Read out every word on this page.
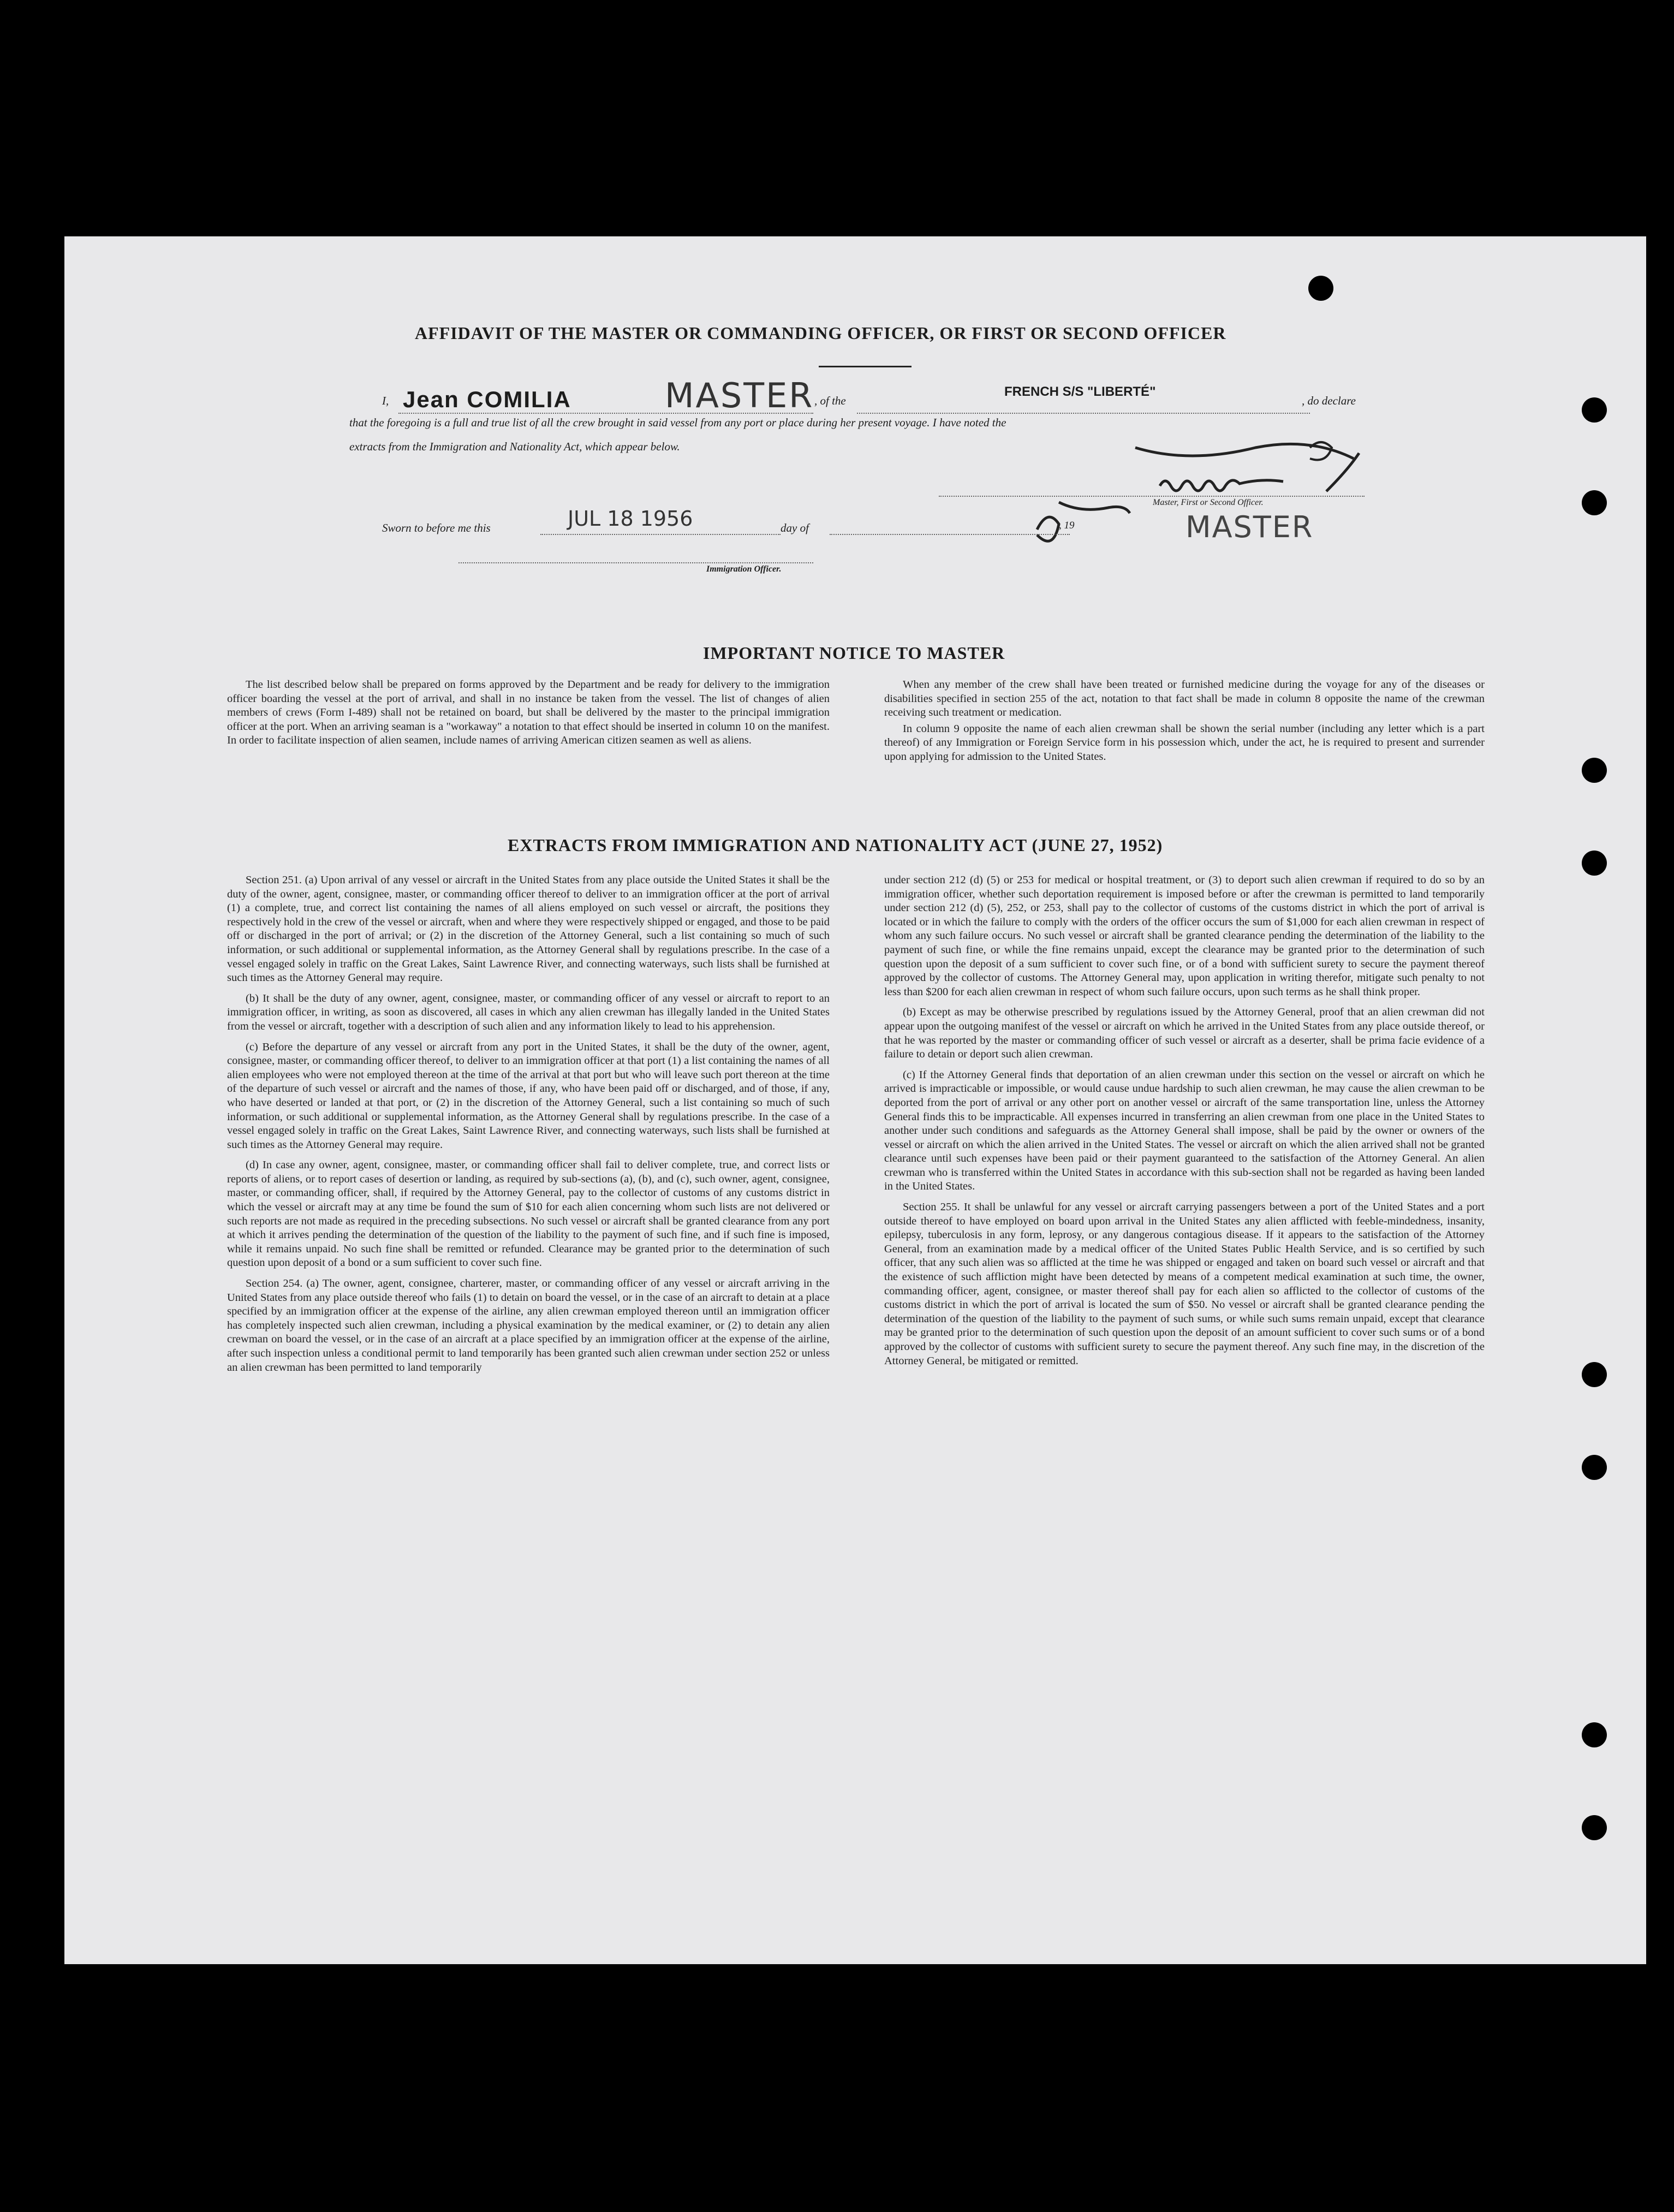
AFFIDAVIT OF THE MASTER OR COMMANDING OFFICER, OR FIRST OR SECOND OFFICER
I, Jean COMILIA	MASTER , of the
FRENCH S/S "LIBERTÉ"
, do declare
that the foregoing is a full and true list of all the crew brought in said vessel from any port or place during her present voyage. I have noted the
extracts from the Immigration and Nationality Act, which appear below.
Master, First or Second Officer.
Sworn to before me this	JUL 18 1956	day of	, 19	MASTER
Immigration Officer.
IMPORTANT NOTICE TO MASTER

The list described below shall be prepared on forms approved by the Department and be ready for delivery to the immigration officer boarding the vessel at the port of arrival, and shall in no instance be taken from the vessel. The list of changes of alien members of crews (Form I-489) shall not be retained on board, but shall be delivered by the master to the principal immigration officer at the port. When an arriving seaman is a "workaway" a notation to that effect should be inserted in column 10 on the manifest. In order to facilitate inspection of alien seamen, include names of arriving American citizen seamen as well as aliens.

When any member of the crew shall have been treated or furnished medicine during the voyage for any of the diseases or disabilities specified in section 255 of the act, notation to that fact shall be made in column 8 opposite the name of the crewman receiving such treatment or medication.

In column 9 opposite the name of each alien crewman shall be shown the serial number (including any letter which is a part thereof) of any Immigration or Foreign Service form in his possession which, under the act, he is required to present and surrender upon applying for admission to the United States.

EXTRACTS FROM IMMIGRATION AND NATIONALITY ACT (JUNE 27, 1952)

Section 251. (a) Upon arrival of any vessel or aircraft in the United States from any place outside the United States it shall be the duty of the owner, agent, consignee, master, or commanding officer thereof to deliver to an immigration officer at the port of arrival (1) a complete, true, and correct list containing the names of all aliens employed on such vessel or aircraft, the positions they respectively hold in the crew of the vessel or aircraft, when and where they were respectively shipped or engaged, and those to be paid off or discharged in the port of arrival; or (2) in the discretion of the Attorney General, such a list containing so much of such information, or such additional or supplemental information, as the Attorney General shall by regulations prescribe. In the case of a vessel engaged solely in traffic on the Great Lakes, Saint Lawrence River, and connecting waterways, such lists shall be furnished at such times as the Attorney General may require.

(b) It shall be the duty of any owner, agent, consignee, master, or commanding officer of any vessel or aircraft to report to an immigration officer, in writing, as soon as discovered, all cases in which any alien crewman has illegally landed in the United States from the vessel or aircraft, together with a description of such alien and any information likely to lead to his apprehension.

(c) Before the departure of any vessel or aircraft from any port in the United States, it shall be the duty of the owner, agent, consignee, master, or commanding officer thereof, to deliver to an immigration officer at that port (1) a list containing the names of all alien employees who were not employed thereon at the time of the arrival at that port but who will leave such port thereon at the time of the departure of such vessel or aircraft and the names of those, if any, who have been paid off or discharged, and of those, if any, who have deserted or landed at that port, or (2) in the discretion of the Attorney General, such a list containing so much of such information, or such additional or supplemental information, as the Attorney General shall by regulations prescribe. In the case of a vessel engaged solely in traffic on the Great Lakes, Saint Lawrence River, and connecting waterways, such lists shall be furnished at such times as the Attorney General may require.

(d) In case any owner, agent, consignee, master, or commanding officer shall fail to deliver complete, true, and correct lists or reports of aliens, or to report cases of desertion or landing, as required by sub-sections (a), (b), and (c), such owner, agent, consignee, master, or commanding officer, shall, if required by the Attorney General, pay to the collector of customs of any customs district in which the vessel or aircraft may at any time be found the sum of $10 for each alien concerning whom such lists are not delivered or such reports are not made as required in the preceding subsections. No such vessel or aircraft shall be granted clearance from any port at which it arrives pending the determination of the question of the liability to the payment of such fine, and if such fine is imposed, while it remains unpaid. No such fine shall be remitted or refunded. Clearance may be granted prior to the determination of such question upon deposit of a bond or a sum sufficient to cover such fine.

Section 254. (a) The owner, agent, consignee, charterer, master, or commanding officer of any vessel or aircraft arriving in the United States from any place outside thereof who fails (1) to detain on board the vessel, or in the case of an aircraft to detain at a place specified by an immigration officer at the expense of the airline, any alien crewman employed thereon until an immigration officer has completely inspected such alien crewman, including a physical examination by the medical examiner, or (2) to detain any alien crewman on board the vessel, or in the case of an aircraft at a place specified by an immigration officer at the expense of the airline, after such inspection unless a conditional permit to land temporarily has been granted such alien crewman under section 252 or unless an alien crewman has been permitted to land temporarily

under section 212 (d) (5) or 253 for medical or hospital treatment, or (3) to deport such alien crewman if required to do so by an immigration officer, whether such deportation requirement is imposed before or after the crewman is permitted to land temporarily under section 212 (d) (5), 252, or 253, shall pay to the collector of customs of the customs district in which the port of arrival is located or in which the failure to comply with the orders of the officer occurs the sum of $1,000 for each alien crewman in respect of whom any such failure occurs. No such vessel or aircraft shall be granted clearance pending the determination of the liability to the payment of such fine, or while the fine remains unpaid, except the clearance may be granted prior to the determination of such question upon the deposit of a sum sufficient to cover such fine, or of a bond with sufficient surety to secure the payment thereof approved by the collector of customs. The Attorney General may, upon application in writing therefor, mitigate such penalty to not less than $200 for each alien crewman in respect of whom such failure occurs, upon such terms as he shall think proper.

(b) Except as may be otherwise prescribed by regulations issued by the Attorney General, proof that an alien crewman did not appear upon the outgoing manifest of the vessel or aircraft on which he arrived in the United States from any place outside thereof, or that he was reported by the master or commanding officer of such vessel or aircraft as a deserter, shall be prima facie evidence of a failure to detain or deport such alien crewman.

(c) If the Attorney General finds that deportation of an alien crewman under this section on the vessel or aircraft on which he arrived is impracticable or impossible, or would cause undue hardship to such alien crewman, he may cause the alien crewman to be deported from the port of arrival or any other port on another vessel or aircraft of the same transportation line, unless the Attorney General finds this to be impracticable. All expenses incurred in transferring an alien crewman from one place in the United States to another under such conditions and safeguards as the Attorney General shall impose, shall be paid by the owner or owners of the vessel or aircraft on which the alien arrived in the United States. The vessel or aircraft on which the alien arrived shall not be granted clearance until such expenses have been paid or their payment guaranteed to the satisfaction of the Attorney General. An alien crewman who is transferred within the United States in accordance with this sub-section shall not be regarded as having been landed in the United States.

Section 255. It shall be unlawful for any vessel or aircraft carrying passengers between a port of the United States and a port outside thereof to have employed on board upon arrival in the United States any alien afflicted with feeble-mindedness, insanity, epilepsy, tuberculosis in any form, leprosy, or any dangerous contagious disease. If it appears to the satisfaction of the Attorney General, from an examination made by a medical officer of the United States Public Health Service, and is so certified by such officer, that any such alien was so afflicted at the time he was shipped or engaged and taken on board such vessel or aircraft and that the existence of such affliction might have been detected by means of a competent medical examination at such time, the owner, commanding officer, agent, consignee, or master thereof shall pay for each alien so afflicted to the collector of customs of the customs district in which the port of arrival is located the sum of $50. No vessel or aircraft shall be granted clearance pending the determination of the question of the liability to the payment of such sums, or while such sums remain unpaid, except that clearance may be granted prior to the determination of such question upon the deposit of an amount sufficient to cover such sums or of a bond approved by the collector of customs with sufficient surety to secure the payment thereof. Any such fine may, in the discretion of the Attorney General, be mitigated or remitted.
